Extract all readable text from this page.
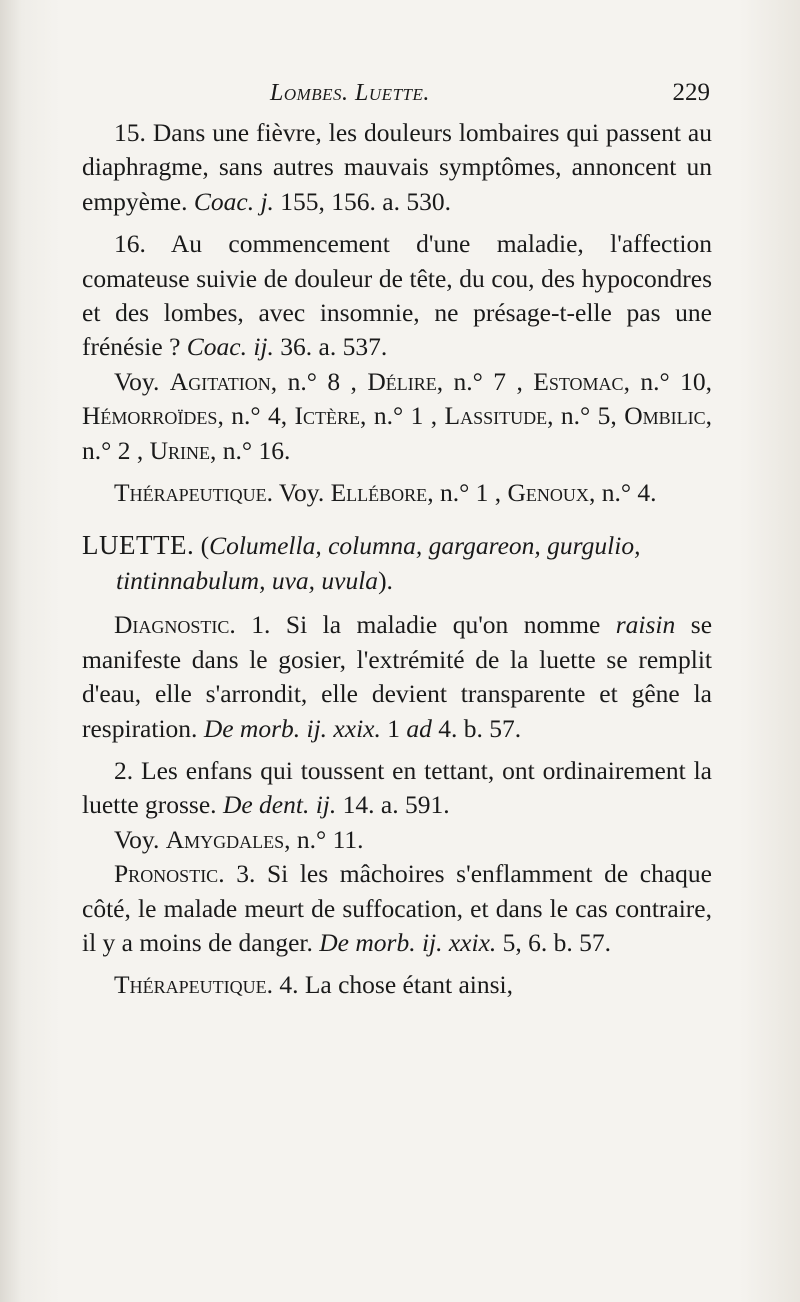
Lombes. Luette.	229

15. Dans une fièvre, les douleurs lombaires qui passent au diaphragme, sans autres mauvais symptômes, annoncent un empyème. Coac. j. 155, 156. a. 530.

16. Au commencement d'une maladie, l'affection comateuse suivie de douleur de tête, du cou, des hypocondres et des lombes, avec insomnie, ne présage-t-elle pas une frénésie ? Coac. ij. 36. a. 537.

Voy. Agitation, n.° 8 , Délire, n.° 7 , Estomac, n.° 10, Hémorroïdes, n.° 4, Ictère, n.° 1 , Lassitude, n.° 5, Ombilic, n.° 2 , Urine, n.° 16.

Thérapeutique. Voy. Ellébore, n.° 1 , Genoux, n.° 4.

LUETTE. (Columella, columna, gargareon, gurgulio, tintinnabulum, uva, uvula).

Diagnostic. 1. Si la maladie qu'on nomme raisin se manifeste dans le gosier, l'extrémité de la luette se remplit d'eau, elle s'arrondit, elle devient transparente et gêne la respiration. De morb. ij. xxix. 1 ad 4. b. 57.

2. Les enfans qui toussent en tettant, ont ordinairement la luette grosse. De dent. ij. 14. a. 591.

Voy. Amygdales, n.° 11.

Pronostic. 3. Si les mâchoires s'enflamment de chaque côté, le malade meurt de suffocation, et dans le cas contraire, il y a moins de danger. De morb. ij. xxix. 5, 6. b. 57.

Thérapeutique. 4. La chose étant ainsi,
